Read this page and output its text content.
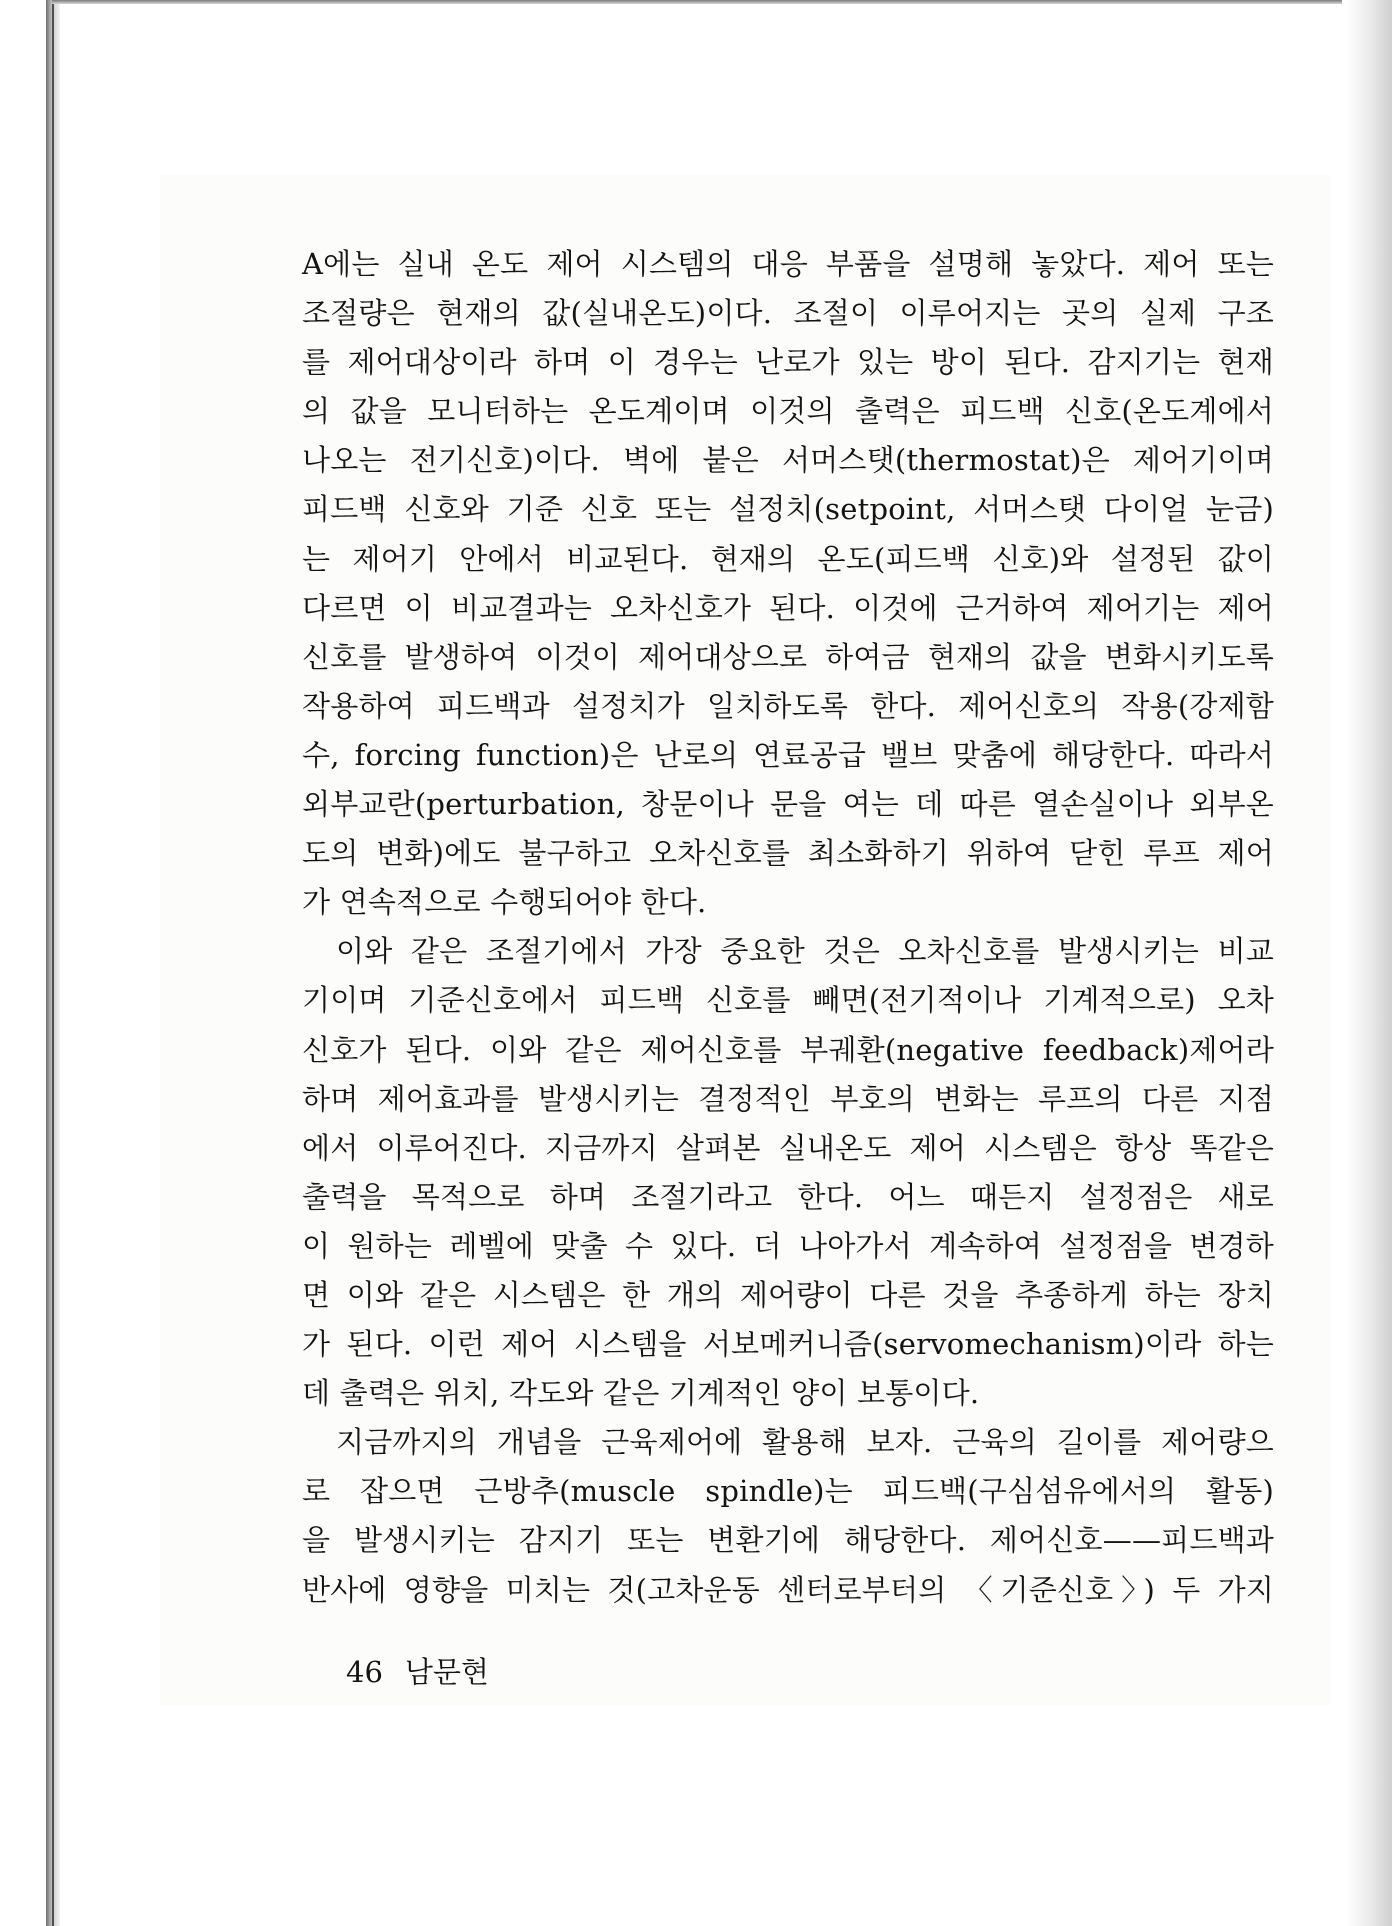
A에는 실내 온도 제어 시스템의 대응 부품을 설명해 놓았다. 제어 또는
조절량은 현재의 값(실내온도)이다. 조절이 이루어지는 곳의 실제 구조
를 제어대상이라 하며 이 경우는 난로가 있는 방이 된다. 감지기는 현재
의 값을 모니터하는 온도계이며 이것의 출력은 피드백 신호(온도계에서
나오는 전기신호)이다. 벽에 붙은 서머스탯(thermostat)은 제어기이며
피드백 신호와 기준 신호 또는 설정치(setpoint, 서머스탯 다이얼 눈금)
는 제어기 안에서 비교된다. 현재의 온도(피드백 신호)와 설정된 값이
다르면 이 비교결과는 오차신호가 된다. 이것에 근거하여 제어기는 제어
신호를 발생하여 이것이 제어대상으로 하여금 현재의 값을 변화시키도록
작용하여 피드백과 설정치가 일치하도록 한다. 제어신호의 작용(강제함
수, forcing function)은 난로의 연료공급 밸브 맞춤에 해당한다. 따라서
외부교란(perturbation, 창문이나 문을 여는 데 따른 열손실이나 외부온
도의 변화)에도 불구하고 오차신호를 최소화하기 위하여 닫힌 루프 제어
가 연속적으로 수행되어야 한다.
이와 같은 조절기에서 가장 중요한 것은 오차신호를 발생시키는 비교
기이며 기준신호에서 피드백 신호를 빼면(전기적이나 기계적으로) 오차
신호가 된다. 이와 같은 제어신호를 부궤환(negative feedback)제어라
하며 제어효과를 발생시키는 결정적인 부호의 변화는 루프의 다른 지점
에서 이루어진다. 지금까지 살펴본 실내온도 제어 시스템은 항상 똑같은
출력을 목적으로 하며 조절기라고 한다. 어느 때든지 설정점은 새로
이 원하는 레벨에 맞출 수 있다. 더 나아가서 계속하여 설정점을 변경하
면 이와 같은 시스템은 한 개의 제어량이 다른 것을 추종하게 하는 장치
가 된다. 이런 제어 시스템을 서보메커니즘(servomechanism)이라 하는
데 출력은 위치, 각도와 같은 기계적인 양이 보통이다.
지금까지의 개념을 근육제어에 활용해 보자. 근육의 길이를 제어량으
로 잡으면 근방추(muscle spindle)는 피드백(구심섬유에서의 활동)
을 발생시키는 감지기 또는 변환기에 해당한다. 제어신호——피드백과
반사에 영향을 미치는 것(고차운동 센터로부터의 〈기준신호〉) 두 가지
46 남문현
